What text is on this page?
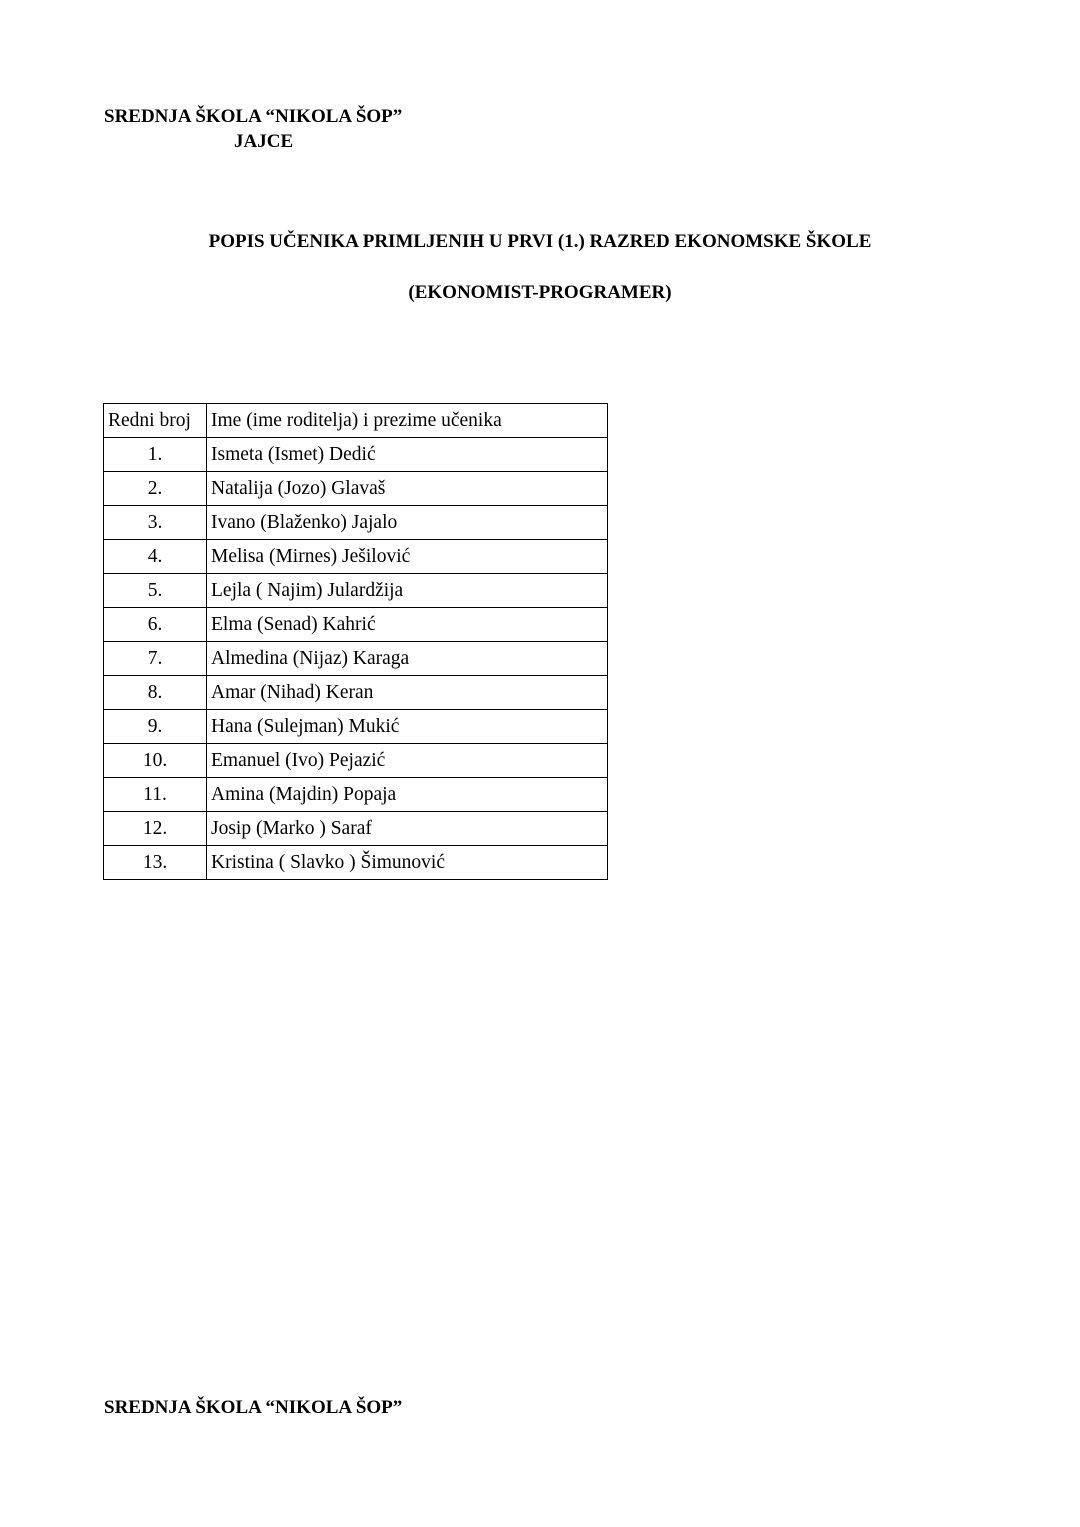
SREDNJA ŠKOLA “NIKOLA ŠOP”
JAJCE
POPIS UČENIKA PRIMLJENIH U PRVI (1.) RAZRED EKONOMSKE ŠKOLE
(EKONOMIST-PROGRAMER)
Redni broj	Ime (ime roditelja) i prezime učenika
1.	Ismeta (Ismet) Dedić
2.	Natalija (Jozo) Glavaš
3.	Ivano (Blaženko) Jajalo
4.	Melisa (Mirnes) Ješilović
5.	Lejla ( Najim) Julardžija
6.	Elma (Senad) Kahrić
7.	Almedina (Nijaz) Karaga
8.	Amar (Nihad) Keran
9.	Hana (Sulejman) Mukić
10.	Emanuel (Ivo) Pejazić
11.	Amina (Majdin) Popaja
12.	Josip (Marko ) Saraf
13.	Kristina ( Slavko ) Šimunović
SREDNJA ŠKOLA “NIKOLA ŠOP”
